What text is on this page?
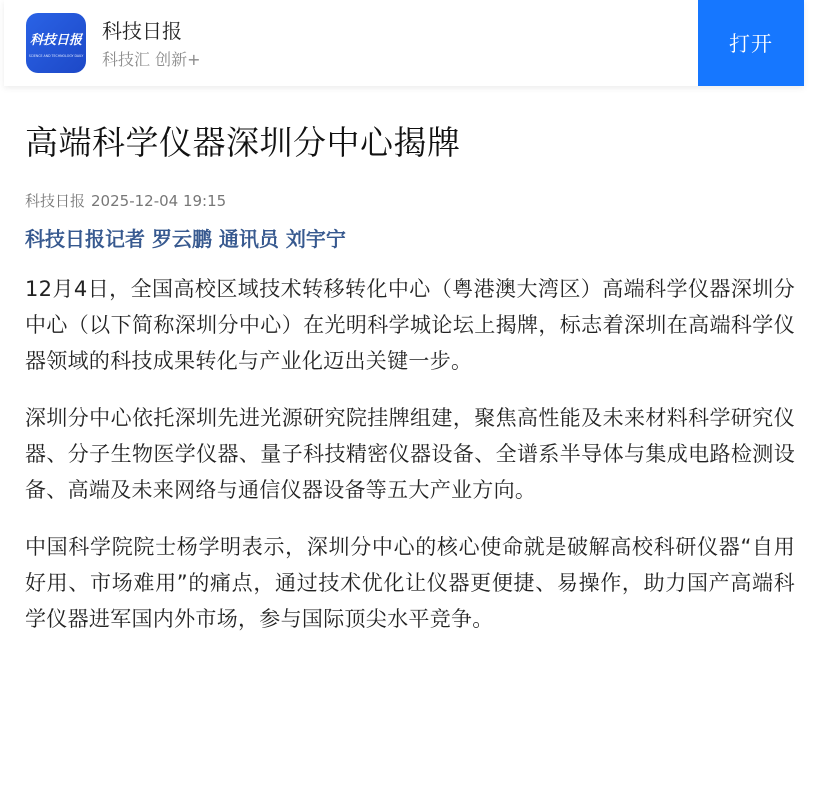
科技日报
SCIENCE AND TECHNOLOGY DAILY
科技日报
科技汇 创新+
打开
高端科学仪器深圳分中心揭牌
科技日报 2025-12-04 19:15
科技日报记者 罗云鹏 通讯员 刘宇宁

12月4日，全国高校区域技术转移转化中心（粤港澳大湾区）高端科学仪器深圳分中心（以下简称深圳分中心）在光明科学城论坛上揭牌，标志着深圳在高端科学仪器领域的科技成果转化与产业化迈出关键一步。

深圳分中心依托深圳先进光源研究院挂牌组建，聚焦高性能及未来材料科学研究仪器、分子生物医学仪器、量子科技精密仪器设备、全谱系半导体与集成电路检测设备、高端及未来网络与通信仪器设备等五大产业方向。

中国科学院院士杨学明表示，深圳分中心的核心使命就是破解高校科研仪器“自用好用、市场难用”的痛点，通过技术优化让仪器更便捷、易操作，助力国产高端科学仪器进军国内外市场，参与国际顶尖水平竞争。
